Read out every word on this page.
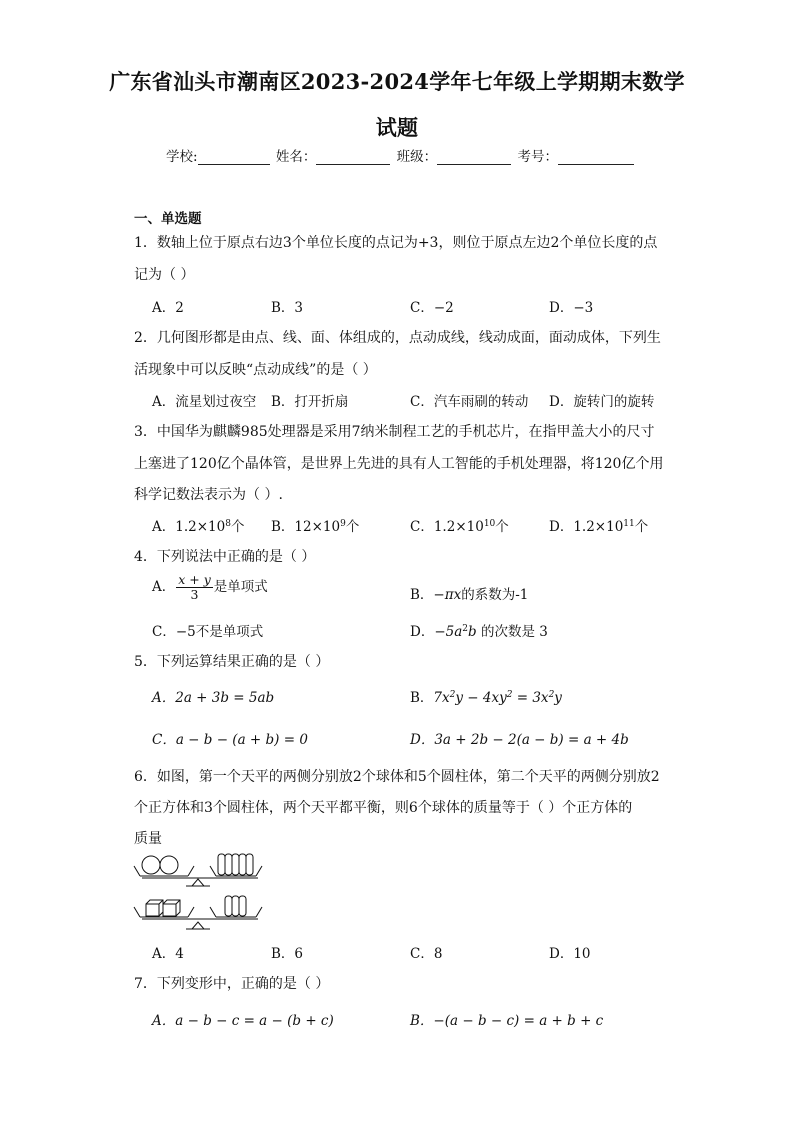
广东省汕头市潮南区2023-2024学年七年级上学期期末数学
试题
学校:	姓名：	班级：	考号：
一、单选题
1．数轴上位于原点右边3个单位长度的点记为+3，则位于原点左边2个单位长度的点
记为（ ）
A．2	B．3	C．−2	D．−3
2．几何图形都是由点、线、面、体组成的，点动成线，线动成面，面动成体，下列生
活现象中可以反映“点动成线”的是（ ）
A．流星划过夜空 B．打开折扇	C．汽车雨刷的转动 D．旋转门的旋转
3．中国华为麒麟985处理器是采用7纳米制程工艺的手机芯片，在指甲盖大小的尺寸
上塞进了120亿个晶体管，是世界上先进的具有人工智能的手机处理器，将120亿个用
科学记数法表示为（ ）.
A．$1.2\times 10^8$个 B．$12\times 10^9$个	C．$1.2\times 10^{10}$个	D．$1.2\times 10^{11}$个
4．下列说法中正确的是（ ）
A． $\frac{x + y}{3}$ 是单项式	B．−πx的系数为-1
C．−5不是单项式	D．$-5a^2b$ 的次数是 3
5．下列运算结果正确的是（ ）
A．2a + 3b = 5ab	B．$7x^2y - 4xy^2 = 3x^2y$
C．a − b − (a + b) = 0	D．3a + 2b − 2(a − b) = a + 4b
6．如图，第一个天平的两侧分别放2个球体和5个圆柱体，第二个天平的两侧分别放2
个正方体和3个圆柱体，两个天平都平衡，则6个球体的质量等于（ ）个正方体的
质量
A．4	B．6	C．8	D．10
7．下列变形中，正确的是（ ）
A．a − b − c = a − (b + c)	B．−(a − b − c) = a + b + c
